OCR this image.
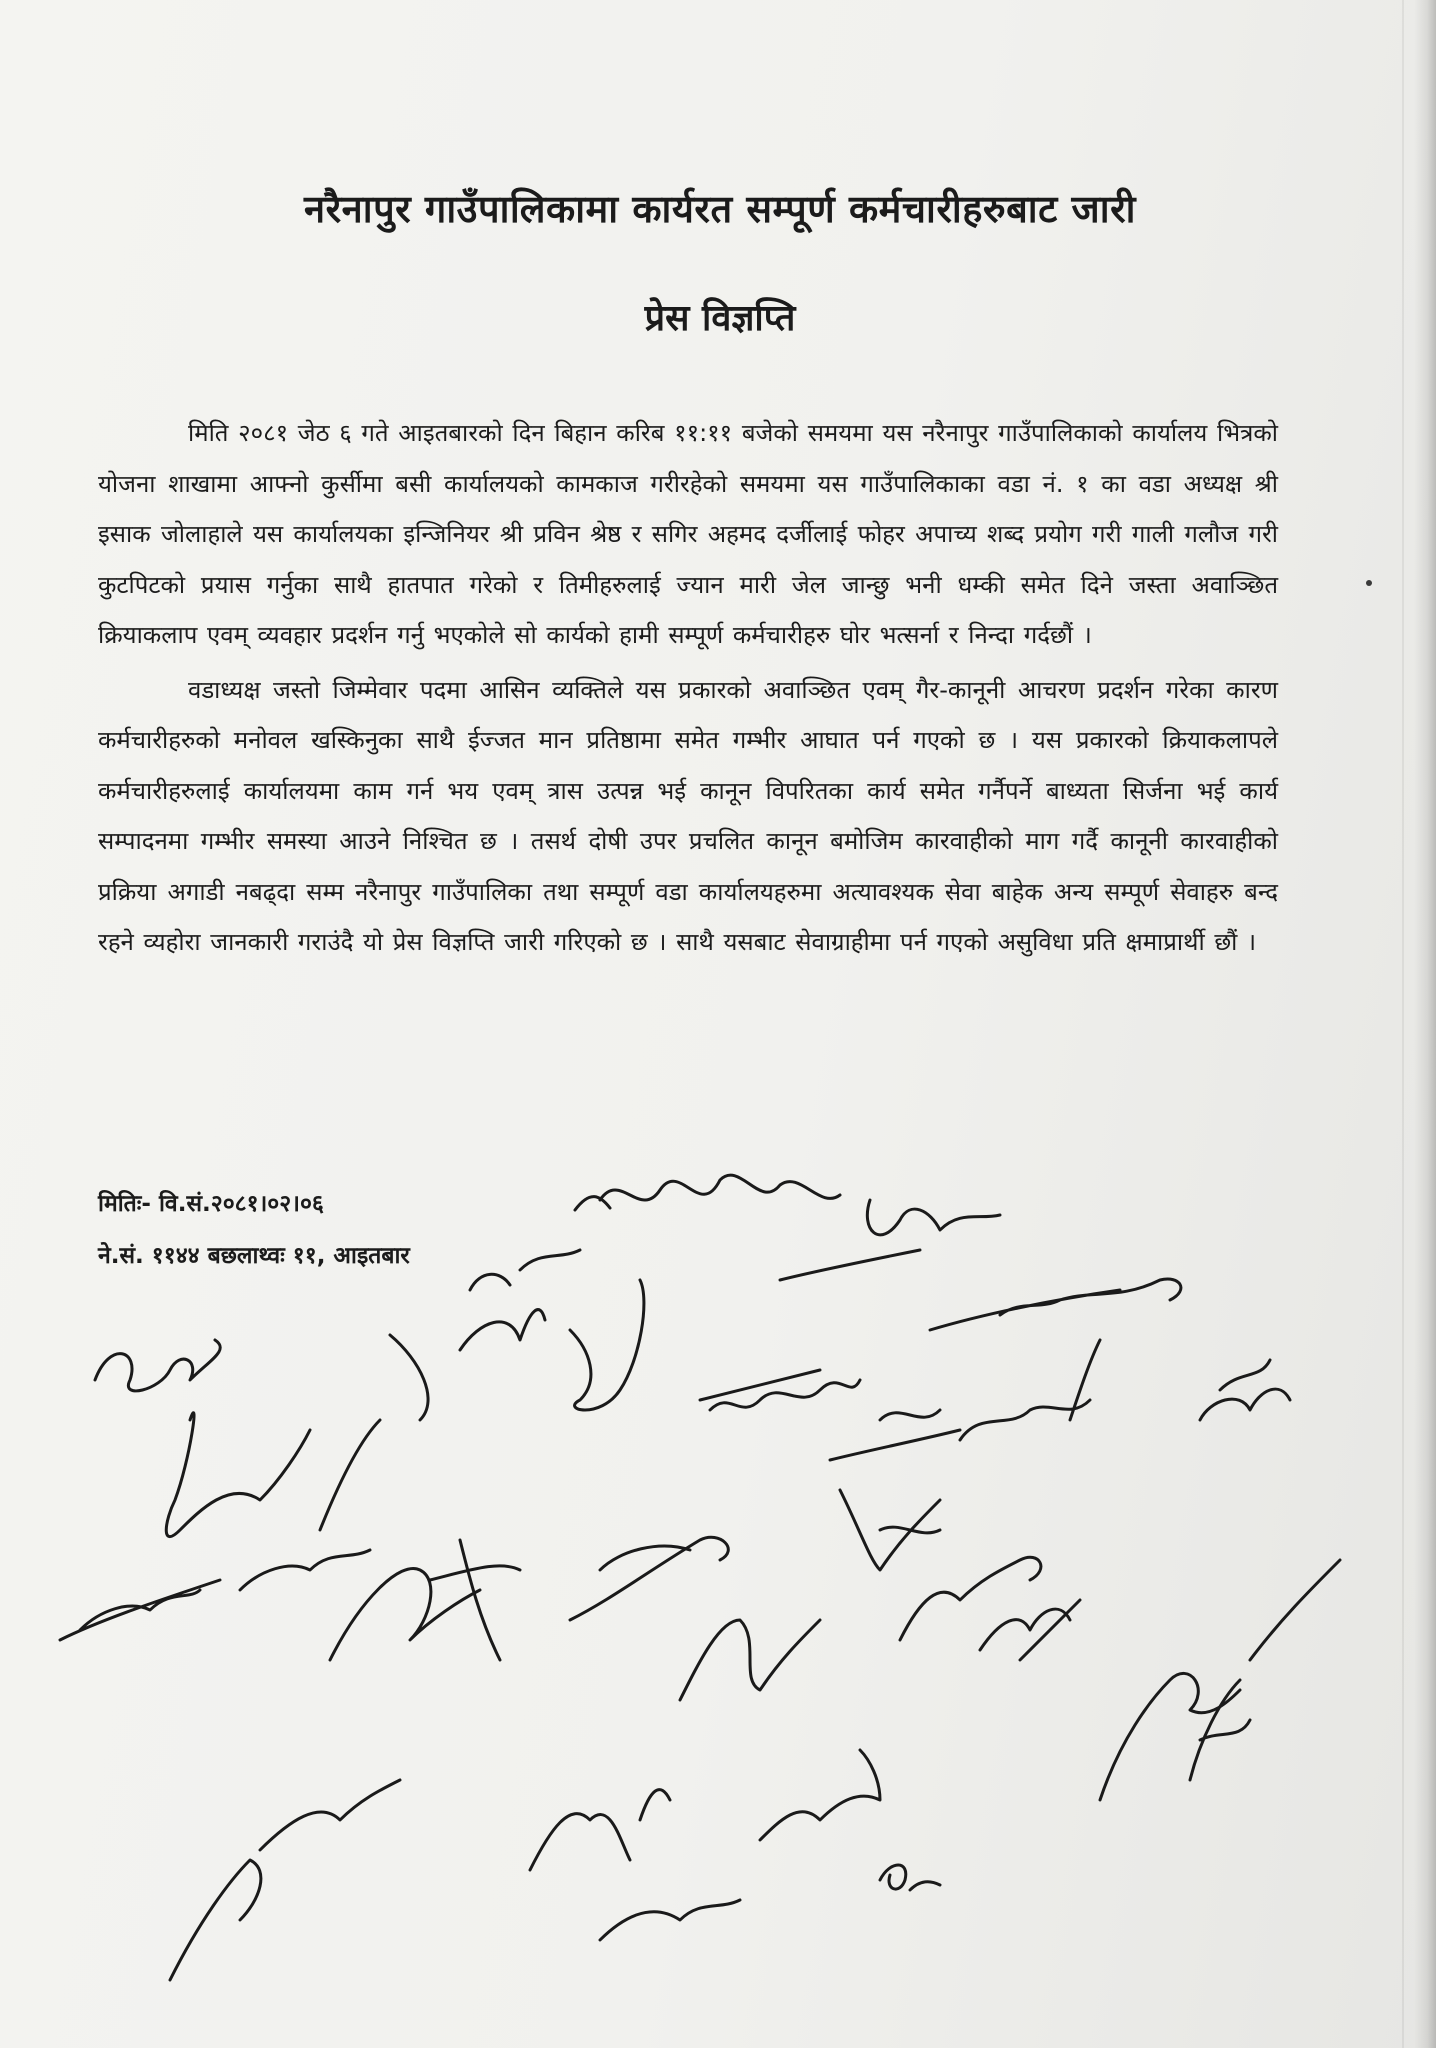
नरैनापुर गाउँपालिकामा कार्यरत सम्पूर्ण कर्मचारीहरुबाट जारी
प्रेस विज्ञप्ति

मिति २०८१ जेठ ६ गते आइतबारको दिन बिहान करिब ११:११ बजेको समयमा यस नरैनापुर गाउँपालिकाको कार्यालय भित्रको योजना शाखामा आफ्नो कुर्सीमा बसी कार्यालयको कामकाज गरीरहेको समयमा यस गाउँपालिकाका वडा नं. १ का वडा अध्यक्ष श्री इसाक जोलाहाले यस कार्यालयका इन्जिनियर श्री प्रविन श्रेष्ठ र सगिर अहमद दर्जीलाई फोहर अपाच्य शब्द प्रयोग गरी गाली गलौज गरी कुटपिटको प्रयास गर्नुका साथै हातपात गरेको र तिमीहरुलाई ज्यान मारी जेल जान्छु भनी धम्की समेत दिने जस्ता अवाञ्छित क्रियाकलाप एवम् व्यवहार प्रदर्शन गर्नु भएकोले सो कार्यको हामी सम्पूर्ण कर्मचारीहरु घोर भत्सर्ना र निन्दा गर्दछौं ।

वडाध्यक्ष जस्तो जिम्मेवार पदमा आसिन व्यक्तिले यस प्रकारको अवाञ्छित एवम् गैर-कानूनी आचरण प्रदर्शन गरेका कारण कर्मचारीहरुको मनोवल खस्किनुका साथै ईज्जत मान प्रतिष्ठामा समेत गम्भीर आघात पर्न गएको छ । यस प्रकारको क्रियाकलापले कर्मचारीहरुलाई कार्यालयमा काम गर्न भय एवम् त्रास उत्पन्न भई कानून विपरितका कार्य समेत गर्नैपर्ने बाध्यता सिर्जना भई कार्य सम्पादनमा गम्भीर समस्या आउने निश्चित छ । तसर्थ दोषी उपर प्रचलित कानून बमोजिम कारवाहीको माग गर्दै कानूनी कारवाहीको प्रक्रिया अगाडी नबढ्दा सम्म नरैनापुर गाउँपालिका तथा सम्पूर्ण वडा कार्यालयहरुमा अत्यावश्यक सेवा बाहेक अन्य सम्पूर्ण सेवाहरु बन्द रहने व्यहोरा जानकारी गराउंदै यो प्रेस विज्ञप्ति जारी गरिएको छ । साथै यसबाट सेवाग्राहीमा पर्न गएको असुविधा प्रति क्षमाप्रार्थी छौं ।

मितिः- वि.सं.२०८१।०२।०६
ने.सं. ११४४ बछलाथ्वः ११, आइतबार
